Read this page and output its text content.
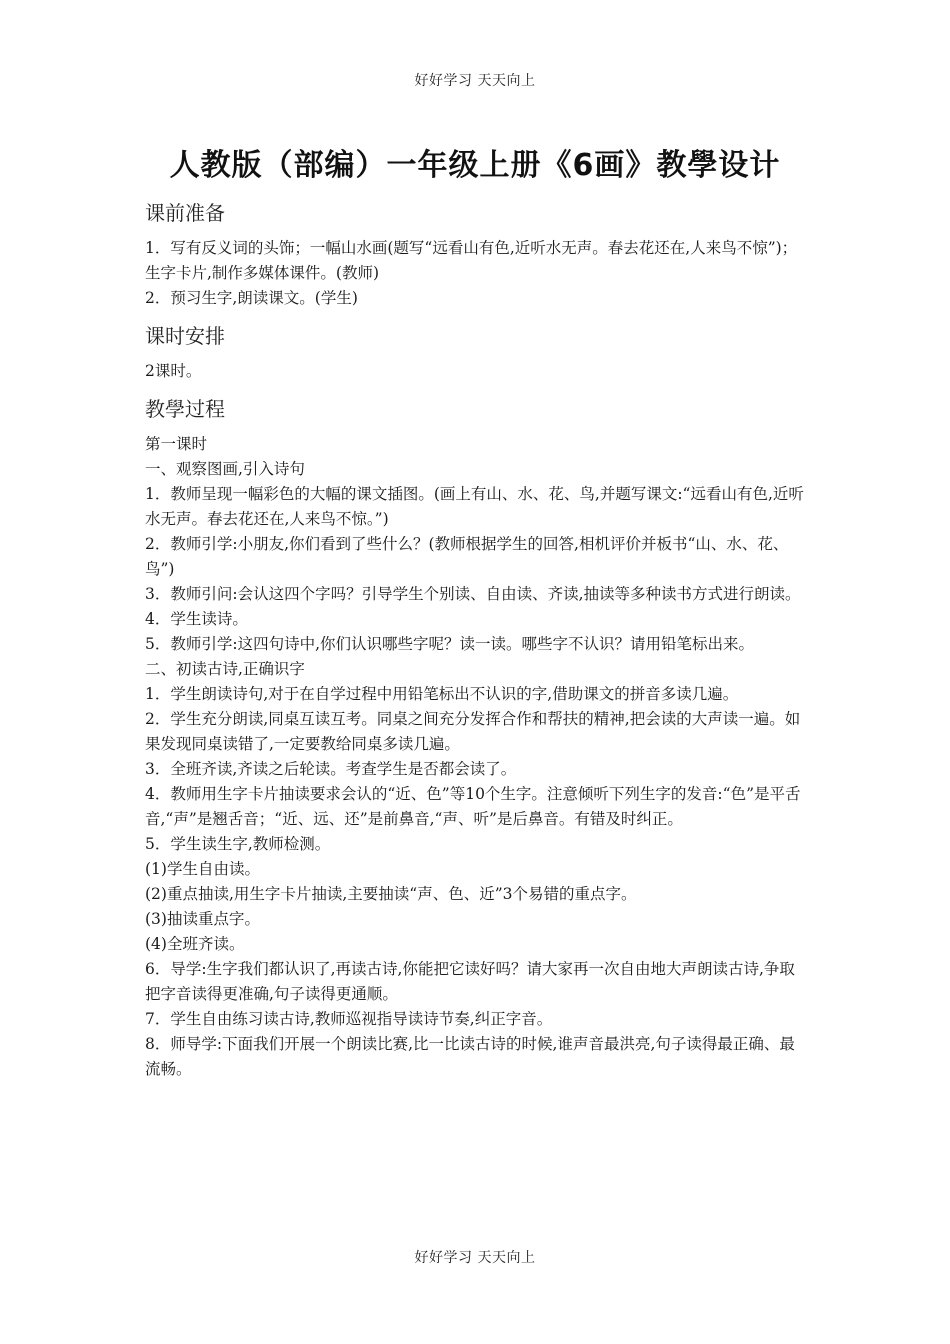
好好学习 天天向上
人教版（部编）一年级上册《6画》教學设计
课前准备

1．写有反义词的头饰；一幅山水画(题写“远看山有色,近听水无声。春去花还在,人来鸟不惊”)；生字卡片,制作多媒体课件。(教师)

2．预习生字,朗读课文。(学生)

课时安排

2课时。

教學过程

第一课时

一、观察图画,引入诗句

1．教师呈现一幅彩色的大幅的课文插图。(画上有山、水、花、鸟,并题写课文:“远看山有色,近听水无声。春去花还在,人来鸟不惊。”)

2．教师引学:小朋友,你们看到了些什么？(教师根据学生的回答,相机评价并板书“山、水、花、鸟”)

3．教师引问:会认这四个字吗？引导学生个别读、自由读、齐读,抽读等多种读书方式进行朗读。

4．学生读诗。

5．教师引学:这四句诗中,你们认识哪些字呢？读一读。哪些字不认识？请用铅笔标出来。

二、初读古诗,正确识字

1．学生朗读诗句,对于在自学过程中用铅笔标出不认识的字,借助课文的拼音多读几遍。

2．学生充分朗读,同桌互读互考。同桌之间充分发挥合作和帮扶的精神,把会读的大声读一遍。如果发现同桌读错了,一定要教给同桌多读几遍。

3．全班齐读,齐读之后轮读。考查学生是否都会读了。

4．教师用生字卡片抽读要求会认的“近、色”等10个生字。注意倾听下列生字的发音:“色”是平舌音,“声”是翘舌音；“近、远、还”是前鼻音,“声、听”是后鼻音。有错及时纠正。

5．学生读生字,教师检测。

(1)学生自由读。

(2)重点抽读,用生字卡片抽读,主要抽读“声、色、近”3个易错的重点字。

(3)抽读重点字。

(4)全班齐读。

6．导学:生字我们都认识了,再读古诗,你能把它读好吗？请大家再一次自由地大声朗读古诗,争取把字音读得更准确,句子读得更通顺。

7．学生自由练习读古诗,教师巡视指导读诗节奏,纠正字音。

8．师导学:下面我们开展一个朗读比赛,比一比读古诗的时候,谁声音最洪亮,句子读得最正确、最流畅。

好好学习 天天向上
